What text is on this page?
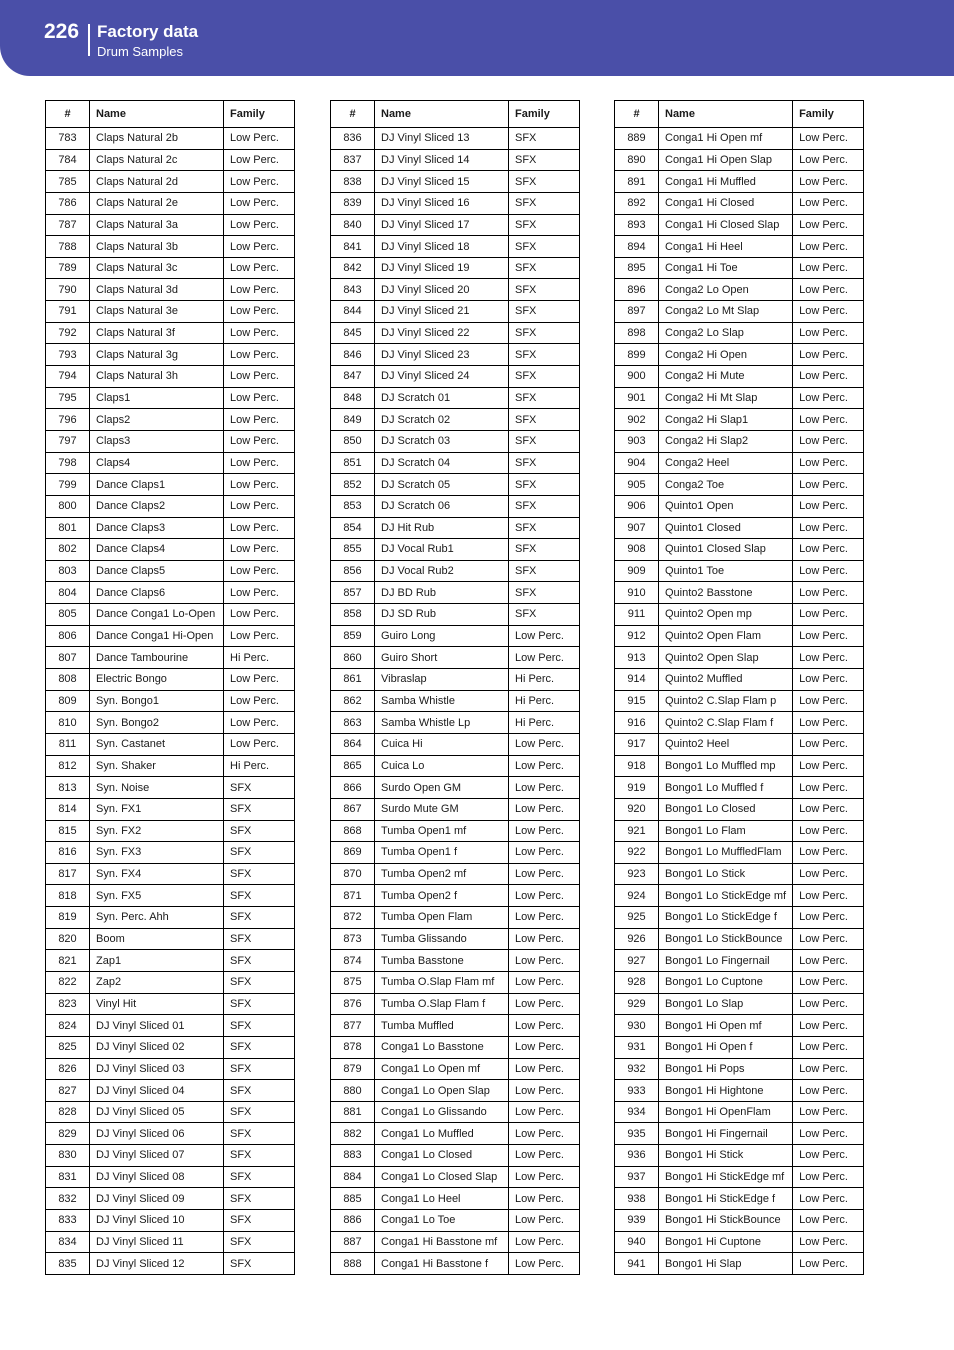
226 Factory data
Drum Samples
#	Name	Family
783	Claps Natural 2b	Low Perc.
784	Claps Natural 2c	Low Perc.
785	Claps Natural 2d	Low Perc.
786	Claps Natural 2e	Low Perc.
787	Claps Natural 3a	Low Perc.
788	Claps Natural 3b	Low Perc.
789	Claps Natural 3c	Low Perc.
790	Claps Natural 3d	Low Perc.
791	Claps Natural 3e	Low Perc.
792	Claps Natural 3f	Low Perc.
793	Claps Natural 3g	Low Perc.
794	Claps Natural 3h	Low Perc.
795	Claps1	Low Perc.
796	Claps2	Low Perc.
797	Claps3	Low Perc.
798	Claps4	Low Perc.
799	Dance Claps1	Low Perc.
800	Dance Claps2	Low Perc.
801	Dance Claps3	Low Perc.
802	Dance Claps4	Low Perc.
803	Dance Claps5	Low Perc.
804	Dance Claps6	Low Perc.
805	Dance Conga1 Lo-Open	Low Perc.
806	Dance Conga1 Hi-Open	Low Perc.
807	Dance Tambourine	Hi Perc.
808	Electric Bongo	Low Perc.
809	Syn. Bongo1	Low Perc.
810	Syn. Bongo2	Low Perc.
811	Syn. Castanet	Low Perc.
812	Syn. Shaker	Hi Perc.
813	Syn. Noise	SFX
814	Syn. FX1	SFX
815	Syn. FX2	SFX
816	Syn. FX3	SFX
817	Syn. FX4	SFX
818	Syn. FX5	SFX
819	Syn. Perc. Ahh	SFX
820	Boom	SFX
821	Zap1	SFX
822	Zap2	SFX
823	Vinyl Hit	SFX
824	DJ Vinyl Sliced 01	SFX
825	DJ Vinyl Sliced 02	SFX
826	DJ Vinyl Sliced 03	SFX
827	DJ Vinyl Sliced 04	SFX
828	DJ Vinyl Sliced 05	SFX
829	DJ Vinyl Sliced 06	SFX
830	DJ Vinyl Sliced 07	SFX
831	DJ Vinyl Sliced 08	SFX
832	DJ Vinyl Sliced 09	SFX
833	DJ Vinyl Sliced 10	SFX
834	DJ Vinyl Sliced 11	SFX
835	DJ Vinyl Sliced 12	SFX
#	Name	Family
836	DJ Vinyl Sliced 13	SFX
837	DJ Vinyl Sliced 14	SFX
838	DJ Vinyl Sliced 15	SFX
839	DJ Vinyl Sliced 16	SFX
840	DJ Vinyl Sliced 17	SFX
841	DJ Vinyl Sliced 18	SFX
842	DJ Vinyl Sliced 19	SFX
843	DJ Vinyl Sliced 20	SFX
844	DJ Vinyl Sliced 21	SFX
845	DJ Vinyl Sliced 22	SFX
846	DJ Vinyl Sliced 23	SFX
847	DJ Vinyl Sliced 24	SFX
848	DJ Scratch 01	SFX
849	DJ Scratch 02	SFX
850	DJ Scratch 03	SFX
851	DJ Scratch 04	SFX
852	DJ Scratch 05	SFX
853	DJ Scratch 06	SFX
854	DJ Hit Rub	SFX
855	DJ Vocal Rub1	SFX
856	DJ Vocal Rub2	SFX
857	DJ BD Rub	SFX
858	DJ SD Rub	SFX
859	Guiro Long	Low Perc.
860	Guiro Short	Low Perc.
861	Vibraslap	Hi Perc.
862	Samba Whistle	Hi Perc.
863	Samba Whistle Lp	Hi Perc.
864	Cuica Hi	Low Perc.
865	Cuica Lo	Low Perc.
866	Surdo Open GM	Low Perc.
867	Surdo Mute GM	Low Perc.
868	Tumba Open1 mf	Low Perc.
869	Tumba Open1 f	Low Perc.
870	Tumba Open2 mf	Low Perc.
871	Tumba Open2 f	Low Perc.
872	Tumba Open Flam	Low Perc.
873	Tumba Glissando	Low Perc.
874	Tumba Basstone	Low Perc.
875	Tumba O.Slap Flam mf	Low Perc.
876	Tumba O.Slap Flam f	Low Perc.
877	Tumba Muffled	Low Perc.
878	Conga1 Lo Basstone	Low Perc.
879	Conga1 Lo Open mf	Low Perc.
880	Conga1 Lo Open Slap	Low Perc.
881	Conga1 Lo Glissando	Low Perc.
882	Conga1 Lo Muffled	Low Perc.
883	Conga1 Lo Closed	Low Perc.
884	Conga1 Lo Closed Slap	Low Perc.
885	Conga1 Lo Heel	Low Perc.
886	Conga1 Lo Toe	Low Perc.
887	Conga1 Hi Basstone mf	Low Perc.
888	Conga1 Hi Basstone f	Low Perc.
#	Name	Family
889	Conga1 Hi Open mf	Low Perc.
890	Conga1 Hi Open Slap	Low Perc.
891	Conga1 Hi Muffled	Low Perc.
892	Conga1 Hi Closed	Low Perc.
893	Conga1 Hi Closed Slap	Low Perc.
894	Conga1 Hi Heel	Low Perc.
895	Conga1 Hi Toe	Low Perc.
896	Conga2 Lo Open	Low Perc.
897	Conga2 Lo Mt Slap	Low Perc.
898	Conga2 Lo Slap	Low Perc.
899	Conga2 Hi Open	Low Perc.
900	Conga2 Hi Mute	Low Perc.
901	Conga2 Hi Mt Slap	Low Perc.
902	Conga2 Hi Slap1	Low Perc.
903	Conga2 Hi Slap2	Low Perc.
904	Conga2 Heel	Low Perc.
905	Conga2 Toe	Low Perc.
906	Quinto1 Open	Low Perc.
907	Quinto1 Closed	Low Perc.
908	Quinto1 Closed Slap	Low Perc.
909	Quinto1 Toe	Low Perc.
910	Quinto2 Basstone	Low Perc.
911	Quinto2 Open mp	Low Perc.
912	Quinto2 Open Flam	Low Perc.
913	Quinto2 Open Slap	Low Perc.
914	Quinto2 Muffled	Low Perc.
915	Quinto2 C.Slap Flam p	Low Perc.
916	Quinto2 C.Slap Flam f	Low Perc.
917	Quinto2 Heel	Low Perc.
918	Bongo1 Lo Muffled mp	Low Perc.
919	Bongo1 Lo Muffled f	Low Perc.
920	Bongo1 Lo Closed	Low Perc.
921	Bongo1 Lo Flam	Low Perc.
922	Bongo1 Lo MuffledFlam	Low Perc.
923	Bongo1 Lo Stick	Low Perc.
924	Bongo1 Lo StickEdge mf	Low Perc.
925	Bongo1 Lo StickEdge f	Low Perc.
926	Bongo1 Lo StickBounce	Low Perc.
927	Bongo1 Lo Fingernail	Low Perc.
928	Bongo1 Lo Cuptone	Low Perc.
929	Bongo1 Lo Slap	Low Perc.
930	Bongo1 Hi Open mf	Low Perc.
931	Bongo1 Hi Open f	Low Perc.
932	Bongo1 Hi Pops	Low Perc.
933	Bongo1 Hi Hightone	Low Perc.
934	Bongo1 Hi OpenFlam	Low Perc.
935	Bongo1 Hi Fingernail	Low Perc.
936	Bongo1 Hi Stick	Low Perc.
937	Bongo1 Hi StickEdge mf	Low Perc.
938	Bongo1 Hi StickEdge f	Low Perc.
939	Bongo1 Hi StickBounce	Low Perc.
940	Bongo1 Hi Cuptone	Low Perc.
941	Bongo1 Hi Slap	Low Perc.
